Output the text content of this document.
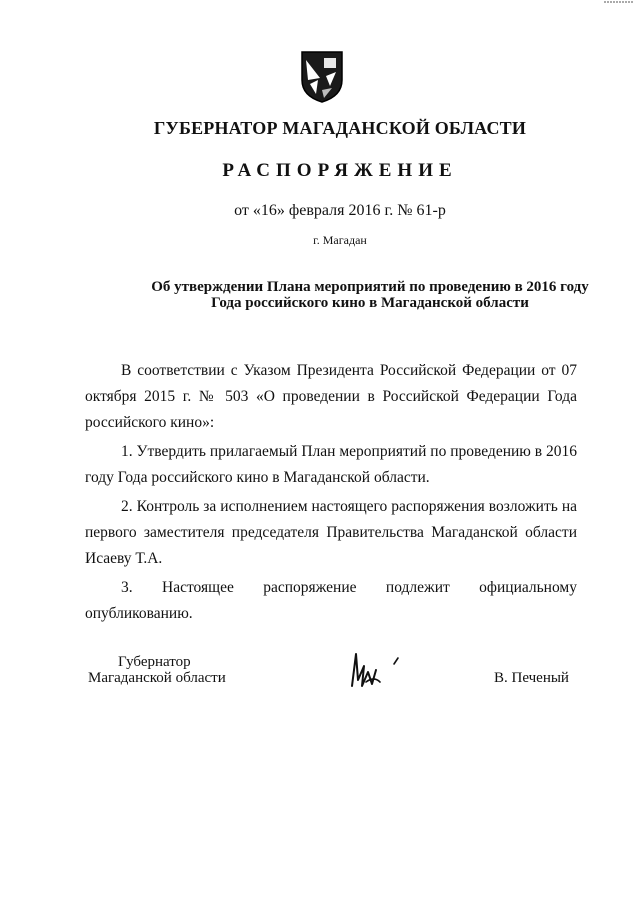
ГУБЕРНАТОР МАГАДАНСКОЙ ОБЛАСТИ
РАСПОРЯЖЕНИЕ
от «16» февраля 2016 г. № 61-р
г. Магадан
Об утверждении Плана мероприятий по проведению в 2016 году
Года российского кино в Магаданской области

В соответствии с Указом Президента Российской Федерации от 07 октября 2015 г. № 503 «О проведении в Российской Федерации Года российского кино»:

1. Утвердить прилагаемый План мероприятий по проведению в 2016 году Года российского кино в Магаданской области.

2. Контроль за исполнением настоящего распоряжения возложить на первого заместителя председателя Правительства Магаданской области Исаеву Т.А.

3. Настоящее распоряжение подлежит официальному опубликованию.

Губернатор
Магаданской области	В. Печеный
